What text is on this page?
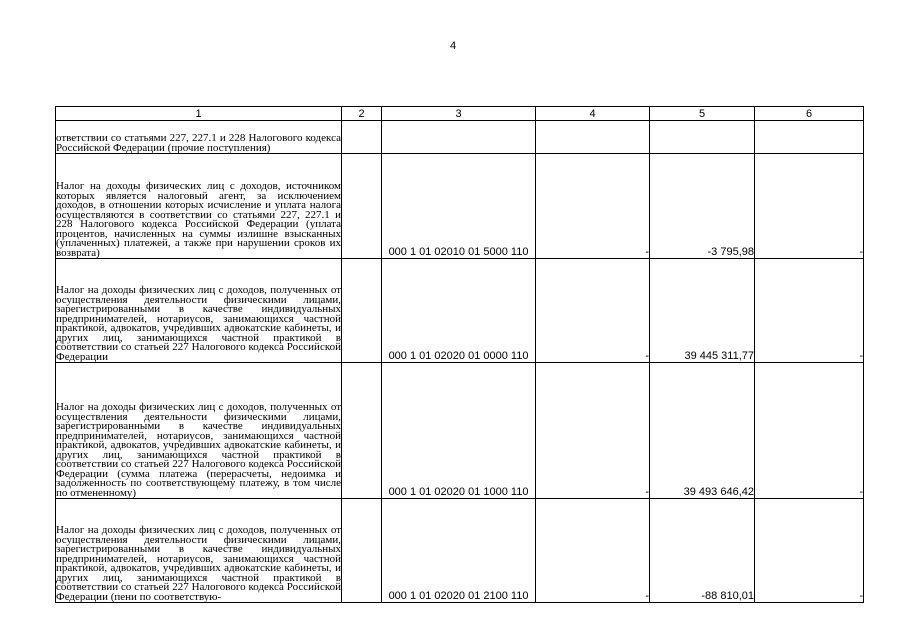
4
1	2	3	4	5	6

ответствии со статьями 227, 227.1 и 228 Налогового кодекса Российской Федерации (прочие поступления)					

Налог на доходы физических лиц с доходов, источником которых является налоговый агент, за исключением доходов, в отношении которых исчисление и уплата налога осуществляются в соответствии со статьями 227, 227.1 и 228 Налогового кодекса Российской Федерации (уплата процентов, начисленных на суммы излишне взысканных (уплаченных) платежей, а также при нарушении сроков их возврата)		000 1 01 02010 01 5000 110	-	-3 795,98	-

Налог на доходы физических лиц с доходов, полученных от осуществления деятельности физическими лицами, зарегистрированными в качестве индивидуальных предпринимателей, нотариусов, занимающихся частной практикой, адвокатов, учредивших адвокатские кабинеты, и других лиц, занимающихся частной практикой в соответствии со статьей 227 Налогового кодекса Российской Федерации		000 1 01 02020 01 0000 110	-	39 445 311,77	-

Налог на доходы физических лиц с доходов, полученных от осуществления деятельности физическими лицами, зарегистрированными в качестве индивидуальных предпринимателей, нотариусов, занимающихся частной практикой, адвокатов, учредивших адвокатские кабинеты, и других лиц, занимающихся частной практикой в соответствии со статьей 227 Налогового кодекса Российской Федерации (сумма платежа (перерасчеты, недоимка и задолженность по соответствующему платежу, в том числе по отмененному)		000 1 01 02020 01 1000 110	-	39 493 646,42	-

Налог на доходы физических лиц с доходов, полученных от осуществления деятельности физическими лицами, зарегистрированными в качестве индивидуальных предпринимателей, нотариусов, занимающихся частной практикой, адвокатов, учредивших адвокатские кабинеты, и других лиц, занимающихся частной практикой в соответствии со статьей 227 Налогового кодекса Российской Федерации (пени по соответствую-		000 1 01 02020 01 2100 110	-	-88 810,01	-
